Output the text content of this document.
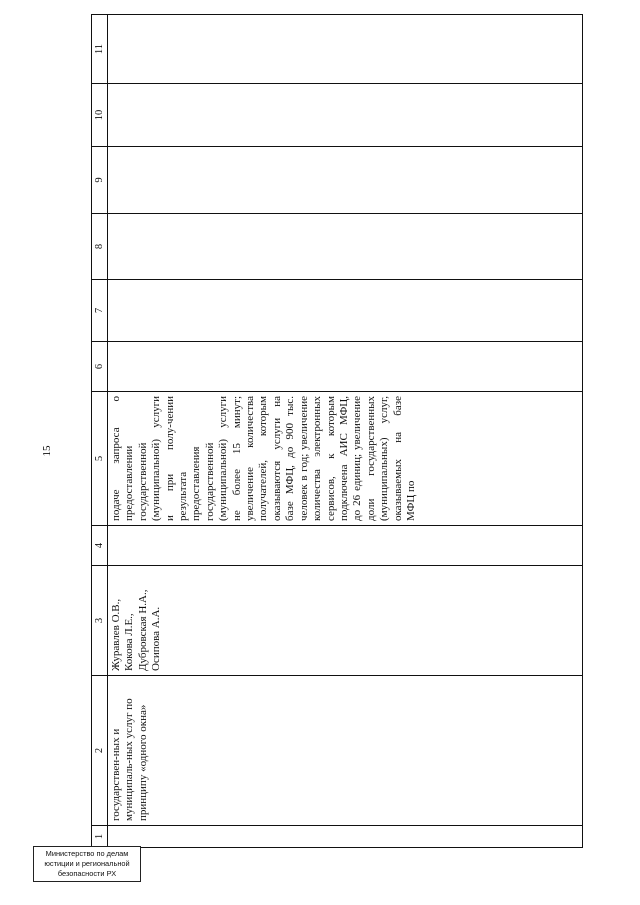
15
1	2	3	4	5	6	7	8	9	10	11
	государствен-ных и муниципаль-ных услуг по принципу «одного окна»	Журавлев О.В., Кокова Л.Е., Дубровская Н.А., Осипова А.А.		подаче запроса о предоставлении государственной (муниципальной) услуги и при полу-чении результата предоставления государственной (муниципальной) услуги не более 15 минут; увеличение количества получателей, которым оказываются услуги на базе МФЦ, до 900 тыс. человек в год; увеличение количества электронных сервисов, к которым подключена АИС МФЦ, до 26 единиц; увеличение доли государственных (муниципальных) услуг, оказываемых на базе МФЦ по						
Министерство по делам
юстиции и региональной
безопасности РХ
